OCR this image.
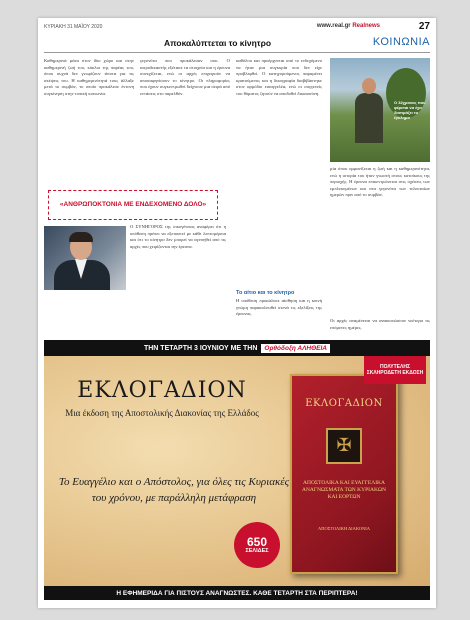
ΚΥΡΙΑΚΗ 31 ΜΑΪΟΥ 2020	www.real.gr Realnews	27
Αποκαλύπτεται το κίνητρο	ΚΟΙΝΩΝΙΑ
Καθημερινά μέσα στον ίδιο χώρο και στην καθημερινή ζωή του, κύκλοι της παρέας του, όπου συχνά δεν γνωρίζουν τίποτα για τις σκέψεις του. Η καθημερινότητά τους άλλαξε μετά το συμβάν, το οποίο προκάλεσε έντονη συγκίνηση στην τοπική κοινωνία.
γεγονότα που προκάλεσαν σοκ. Ο ιατροδικαστής εξέτασε τα στοιχεία και η έρευνα συνεχίζεται, ενώ οι αρχές επιχειρούν να αποσαφηνίσουν το κίνητρο. Οι πληροφορίες που έχουν συγκεντρωθεί δείχνουν μια σειρά από εντάσεις στο παρελθόν.
καθόλου και προέρχονται από το ενδεχόμενο να ήταν μια συγκυρία που δεν είχε προβλεφθεί. Ο κατηγορούμενος παραμένει κρατούμενος και η δικογραφία διαβιβάστηκε στον αρμόδιο εισαγγελέα, ενώ οι συγγενείς του θύματος ζητούν να αποδοθεί δικαιοσύνη.
Ο 32χρονος που φέρεται να έχει διαπράξει το έγκλημα
μία όπου εμφανίζεται η ζωή και η καθημερινότητα, ενώ η ιστορία του ήταν γνωστή στους κατοίκους της περιοχής. Η έρευνα επικεντρώνεται στις σχέσεις των εμπλεκομένων και στα γεγονότα των τελευταίων ημερών πριν από το συμβάν.
«ΑΝΘΡΩΠΟΚΤΟΝΙΑ ΜΕ ΕΝΔΕΧΟΜΕΝΟ ΔΟΛΟ»
Ο ΣΥΝΗΓΟΡΟΣ της οικογένειας αναφέρει ότι η υπόθεση πρέπει να εξεταστεί με κάθε λεπτομέρεια και ότι το κίνητρο δεν μπορεί να αγνοηθεί από τις αρχές που χειρίζονται την έρευνα.
Το αίτιο και το κίνητρο
Η υπόθεση προκάλεσε αίσθηση και η κοινή γνώμη παρακολουθεί στενά τις εξελίξεις της έρευνας.
Οι αρχές αναμένεται να ανακοινώσουν νεότερα τις επόμενες ημέρες.
ΤΗΝ ΤΕΤΑΡΤΗ 3 ΙΟΥΝΙΟΥ ΜΕ ΤΗΝ	Ορθόδοξη ΑΛΗΘΕΙΑ
ΕΚΛΟΓΑΔΙΟΝ
Μια έκδοση της Αποστολικής Διακονίας της Ελλάδος
Το Ευαγγέλιο και ο Απόστολος, για όλες τις Κυριακές του χρόνου, με παράλληλη μετάφραση
650
ΣΕΛΙΔΕΣ
ΕΚΛΟΓΑΔΙΟΝ
✠
ΑΠΟΣΤΟΛΙΚΑ ΚΑΙ ΕΥΑΓΓΕΛΙΚΑ ΑΝΑΓΝΩΣΜΑΤΑ ΤΩΝ ΚΥΡΙΑΚΩΝ ΚΑΙ ΕΟΡΤΩΝ
ΑΠΟΣΤΟΛΙΚΗ ΔΙΑΚΟΝΙΑ
ΠΟΛΥΤΕΛΗΣ ΣΚΛΗΡΟΔΕΤΗ ΕΚΔΟΣΗ
Η ΕΦΗΜΕΡΙΔΑ ΓΙΑ ΠΙΣΤΟΥΣ ΑΝΑΓΝΩΣΤΕΣ. ΚΑΘΕ ΤΕΤΑΡΤΗ ΣΤΑ ΠΕΡΙΠΤΕΡΑ!
